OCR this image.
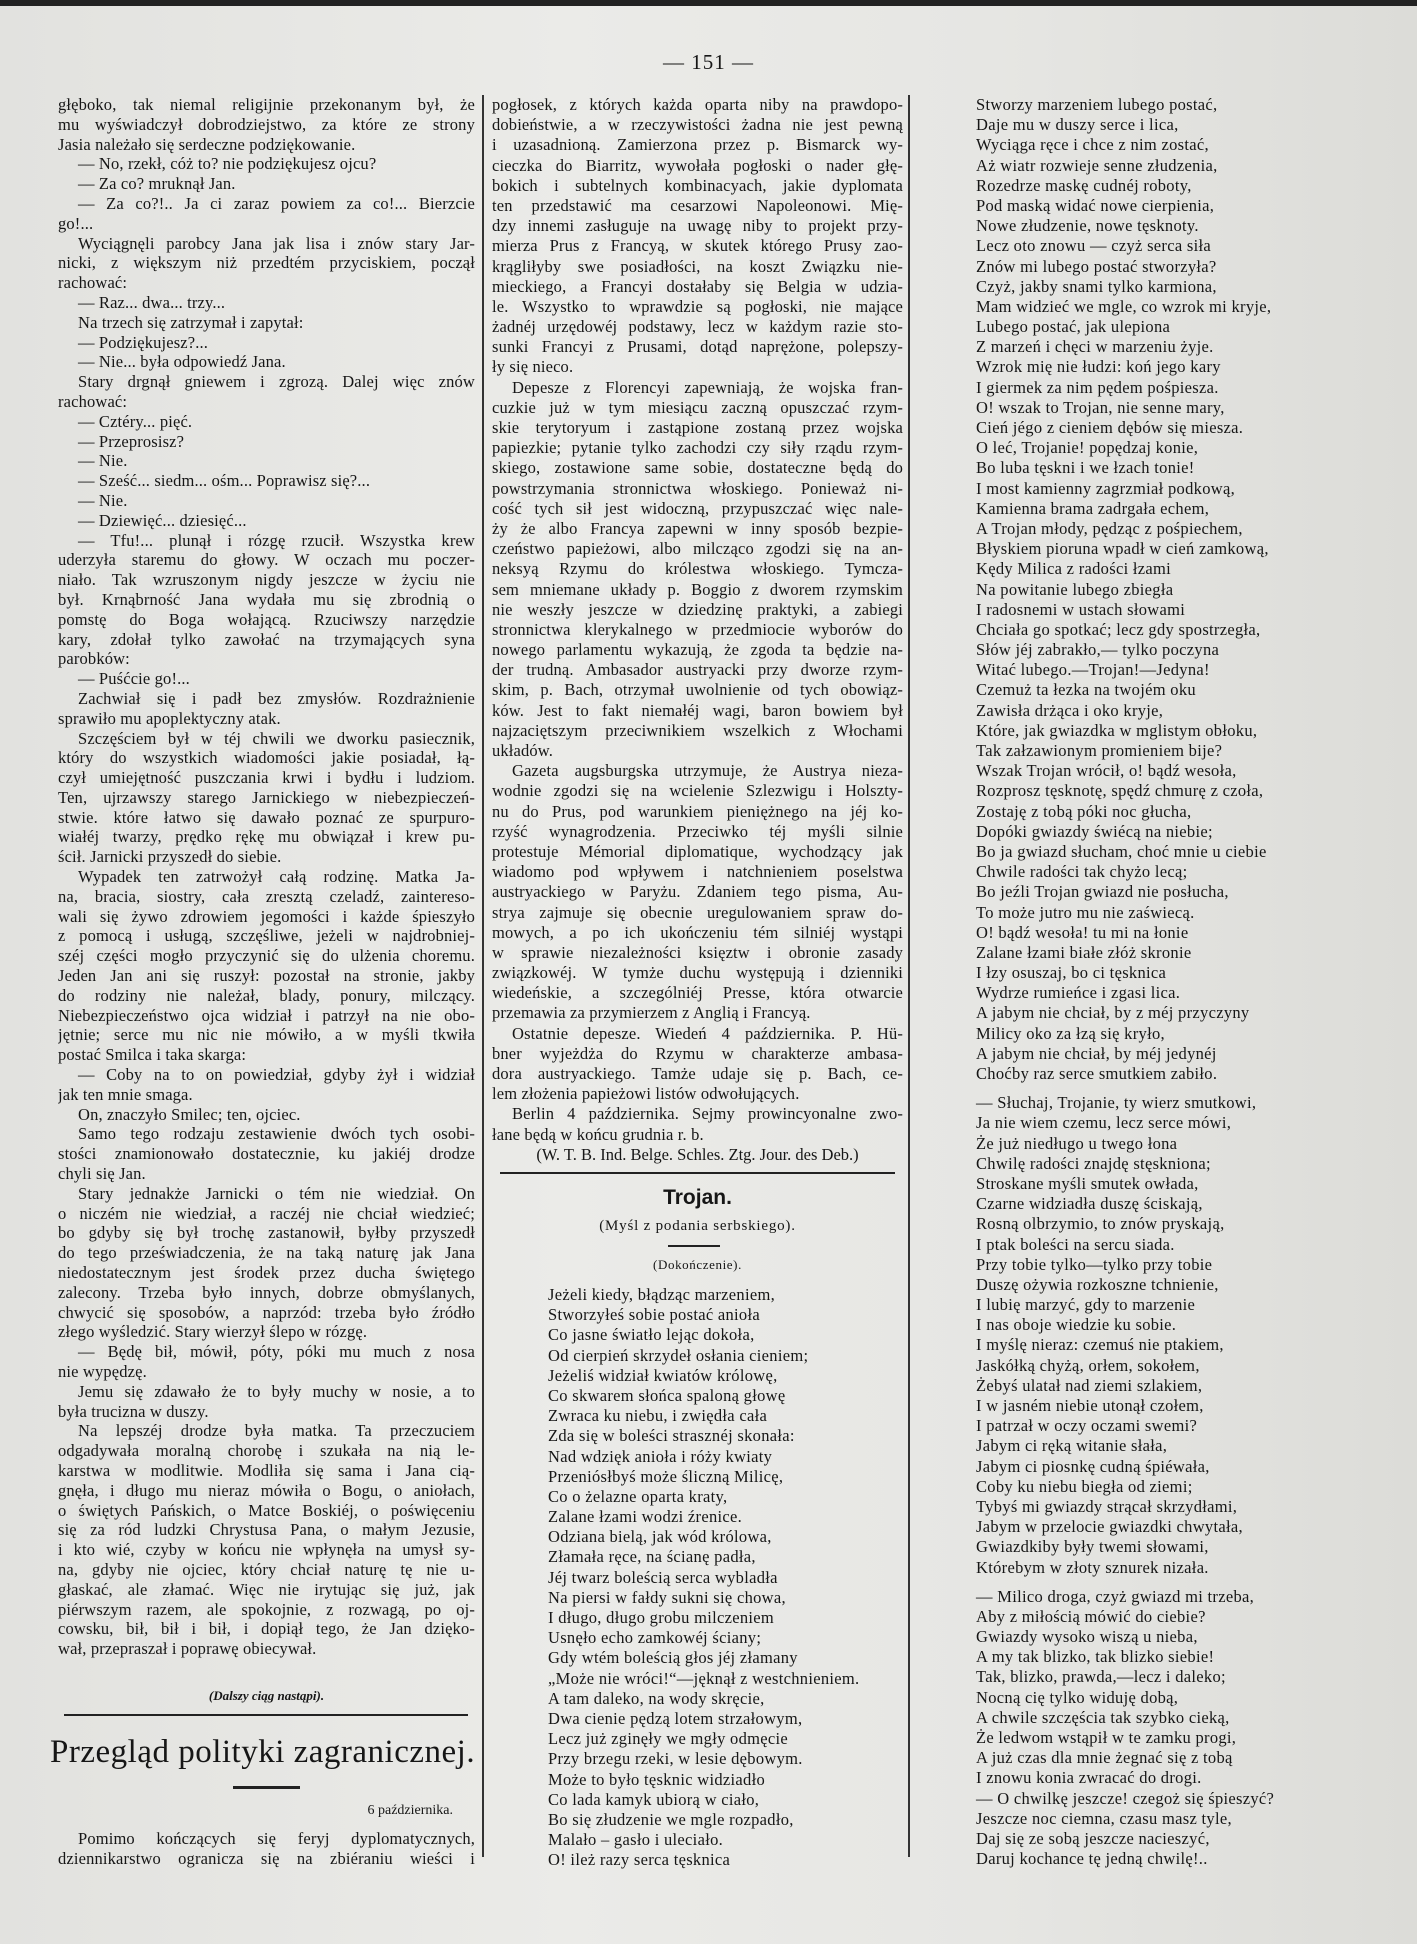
— 151 —
głęboko, tak niemal religijnie przekonanym był, że
mu wyświadczył dobrodziejstwo, za które ze strony
Jasia należało się serdeczne podziękowanie.
— No, rzekł, cóż to? nie podziękujesz ojcu?
— Za co? mruknął Jan.
— Za co?!.. Ja ci zaraz powiem za co!... Bierzcie
go!...
Wyciągnęli parobcy Jana jak lisa i znów stary Jar-
nicki, z większym niż przedtém przyciskiem, począł
rachować:
— Raz... dwa... trzy...
Na trzech się zatrzymał i zapytał:
— Podziękujesz?...
— Nie... była odpowiedź Jana.
Stary drgnął gniewem i zgrozą. Dalej więc znów
rachować:
— Cztéry... pięć.
— Przeprosisz?
— Nie.
— Sześć... siedm... ośm... Poprawisz się?...
— Nie.
— Dziewięć... dziesięć...
— Tfu!... plunął i rózgę rzucił. Wszystka krew
uderzyła staremu do głowy. W oczach mu poczer-
niało. Tak wzruszonym nigdy jeszcze w życiu nie
był. Krnąbrność Jana wydała mu się zbrodnią o
pomstę do Boga wołającą. Rzuciwszy narzędzie
kary, zdołał tylko zawołać na trzymających syna
parobków:
— Puśćcie go!...
Zachwiał się i padł bez zmysłów. Rozdrażnienie
sprawiło mu apoplektyczny atak.
Szczęściem był w téj chwili we dworku pasiecznik,
który do wszystkich wiadomości jakie posiadał, łą-
czył umiejętność puszczania krwi i bydłu i ludziom.
Ten, ujrzawszy starego Jarnickiego w niebezpieczeń-
stwie. które łatwo się dawało poznać ze spurpuro-
wiałéj twarzy, prędko rękę mu obwiązał i krew pu-
ścił. Jarnicki przyszedł do siebie.
Wypadek ten zatrwożył całą rodzinę. Matka Ja-
na, bracia, siostry, cała zresztą czeladź, zaintereso-
wali się żywo zdrowiem jegomości i każde śpieszyło
z pomocą i usługą, szczęśliwe, jeżeli w najdrobniej-
széj części mogło przyczynić się do ulżenia choremu.
Jeden Jan ani się ruszył: pozostał na stronie, jakby
do rodziny nie należał, blady, ponury, milczący.
Niebezpieczeństwo ojca widział i patrzył na nie obo-
jętnie; serce mu nic nie mówiło, a w myśli tkwiła
postać Smilca i taka skarga:
— Coby na to on powiedział, gdyby żył i widział
jak ten mnie smaga.
On, znaczyło Smilec; ten, ojciec.
Samo tego rodzaju zestawienie dwóch tych osobi-
stości znamionowało dostatecznie, ku jakiéj drodze
chyli się Jan.
Stary jednakże Jarnicki o tém nie wiedział. On
o niczém nie wiedział, a raczéj nie chciał wiedzieć;
bo gdyby się był trochę zastanowił, byłby przyszedł
do tego przeświadczenia, że na taką naturę jak Jana
niedostatecznym jest środek przez ducha świętego
zalecony. Trzeba było innych, dobrze obmyślanych,
chwycić się sposobów, a naprzód: trzeba było źródło
złego wyśledzić. Stary wierzył ślepo w rózgę.
— Będę bił, mówił, póty, póki mu much z nosa
nie wypędzę.
Jemu się zdawało że to były muchy w nosie, a to
była trucizna w duszy.
Na lepszéj drodze była matka. Ta przeczuciem
odgadywała moralną chorobę i szukała na nią le-
karstwa w modlitwie. Modliła się sama i Jana cią-
gnęła, i długo mu nieraz mówiła o Bogu, o aniołach,
o świętych Pańskich, o Matce Boskiéj, o poświęceniu
się za ród ludzki Chrystusa Pana, o małym Jezusie,
i kto wié, czyby w końcu nie wpłynęła na umysł sy-
na, gdyby nie ojciec, który chciał naturę tę nie u-
głaskać, ale złamać. Więc nie irytując się już, jak
piérwszym razem, ale spokojnie, z rozwagą, po oj-
cowsku, bił, bił i bił, i dopiął tego, że Jan dzięko-
wał, przepraszał i poprawę obiecywał.
(Dalszy ciąg nastąpi).
Przegląd polityki zagranicznej.
6 października.
Pomimo kończących się feryj dyplomatycznych,
dziennikarstwo ogranicza się na zbiéraniu wieści i
pogłosek, z których każda oparta niby na prawdopo-
dobieństwie, a w rzeczywistości żadna nie jest pewną
i uzasadnioną. Zamierzona przez p. Bismarck wy-
cieczka do Biarritz, wywołała pogłoski o nader głę-
bokich i subtelnych kombinacyach, jakie dyplomata
ten przedstawić ma cesarzowi Napoleonowi. Mię-
dzy innemi zasługuje na uwagę niby to projekt przy-
mierza Prus z Francyą, w skutek którego Prusy zao-
krągliłyby swe posiadłości, na koszt Związku nie-
mieckiego, a Francyi dostałaby się Belgia w udzia-
le. Wszystko to wprawdzie są pogłoski, nie mające
żadnéj urzędowéj podstawy, lecz w każdym razie sto-
sunki Francyi z Prusami, dotąd naprężone, polepszy-
ły się nieco.
Depesze z Florencyi zapewniają, że wojska fran-
cuzkie już w tym miesiącu zaczną opuszczać rzym-
skie terytoryum i zastąpione zostaną przez wojska
papiezkie; pytanie tylko zachodzi czy siły rządu rzym-
skiego, zostawione same sobie, dostateczne będą do
powstrzymania stronnictwa włoskiego. Ponieważ ni-
cość tych sił jest widoczną, przypuszczać więc nale-
ży że albo Francya zapewni w inny sposób bezpie-
czeństwo papieżowi, albo milcząco zgodzi się na an-
neksyą Rzymu do królestwa włoskiego. Tymcza-
sem mniemane układy p. Boggio z dworem rzymskim
nie weszły jeszcze w dziedzinę praktyki, a zabiegi
stronnictwa klerykalnego w przedmiocie wyborów do
nowego parlamentu wykazują, że zgoda ta będzie na-
der trudną. Ambasador austryacki przy dworze rzym-
skim, p. Bach, otrzymał uwolnienie od tych obowiąz-
ków. Jest to fakt niemałéj wagi, baron bowiem był
najzaciętszym przeciwnikiem wszelkich z Włochami
układów.
Gazeta augsburgska utrzymuje, że Austrya nieza-
wodnie zgodzi się na wcielenie Szlezwigu i Holszty-
nu do Prus, pod warunkiem pieniężnego na jéj ko-
rzyść wynagrodzenia. Przeciwko téj myśli silnie
protestuje Mémorial diplomatique, wychodzący jak
wiadomo pod wpływem i natchnieniem poselstwa
austryackiego w Paryżu. Zdaniem tego pisma, Au-
strya zajmuje się obecnie uregulowaniem spraw do-
mowych, a po ich ukończeniu tém silniéj wystąpi
w sprawie niezależności księztw i obronie zasady
związkowéj. W tymże duchu występują i dzienniki
wiedeńskie, a szczególniéj Presse, która otwarcie
przemawia za przymierzem z Anglią i Francyą.
Ostatnie depesze. Wiedeń 4 października. P. Hü-
bner wyjeżdża do Rzymu w charakterze ambasa-
dora austryackiego. Tamże udaje się p. Bach, ce-
lem złożenia papieżowi listów odwołujących.
Berlin 4 października. Sejmy prowincyonalne zwo-
łane będą w końcu grudnia r. b.
(W. T. B. Ind. Belge. Schles. Ztg. Jour. des Deb.)
Trojan.
(Myśl z podania serbskiego).
(Dokończenie).
Jeżeli kiedy, błądząc marzeniem,
Stworzyłeś sobie postać anioła
Co jasne światło lejąc dokoła,
Od cierpień skrzydeł osłania cieniem;
Jeżeliś widział kwiatów królowę,
Co skwarem słońca spaloną głowę
Zwraca ku niebu, i zwiędła cała
Zda się w boleści strasznéj skonała:
Nad wdzięk anioła i róży kwiaty
Przeniósłbyś może śliczną Milicę,
Co o żelazne oparta kraty,
Zalane łzami wodzi źrenice.
Odziana bielą, jak wód królowa,
Złamała ręce, na ścianę padła,
Jéj twarz boleścią serca wybladła
Na piersi w fałdy sukni się chowa,
I długo, długo grobu milczeniem
Usnęło echo zamkowéj ściany;
Gdy wtém boleścią głos jéj złamany
„Może nie wróci!“—jęknął z westchnieniem.
A tam daleko, na wody skręcie,
Dwa cienie pędzą lotem strzałowym,
Lecz już zginęły we mgły odmęcie
Przy brzegu rzeki, w lesie dębowym.
Może to było tęsknic widziadło
Co lada kamyk ubiorą w ciało,
Bo się złudzenie we mgle rozpadło,
Malało – gasło i uleciało.
O! ileż razy serca tęsknica
Stworzy marzeniem lubego postać,
Daje mu w duszy serce i lica,
Wyciąga ręce i chce z nim zostać,
Aż wiatr rozwieje senne złudzenia,
Rozedrze maskę cudnéj roboty,
Pod maską widać nowe cierpienia,
Nowe złudzenie, nowe tęsknoty.
Lecz oto znowu — czyż serca siła
Znów mi lubego postać stworzyła?
Czyż, jakby snami tylko karmiona,
Mam widzieć we mgle, co wzrok mi kryje,
Lubego postać, jak ulepiona
Z marzeń i chęci w marzeniu żyje.
Wzrok mię nie łudzi: koń jego kary
I giermek za nim pędem pośpiesza.
O! wszak to Trojan, nie senne mary,
Cień jégo z cieniem dębów się miesza.
O leć, Trojanie! popędzaj konie,
Bo luba tęskni i we łzach tonie!
I most kamienny zagrzmiał podkową,
Kamienna brama zadrgała echem,
A Trojan młody, pędząc z pośpiechem,
Błyskiem pioruna wpadł w cień zamkową,
Kędy Milica z radości łzami
Na powitanie lubego zbiegła
I radosnemi w ustach słowami
Chciała go spotkać; lecz gdy spostrzegła,
Słów jéj zabrakło,— tylko poczyna
Witać lubego.—Trojan!—Jedyna!
Czemuż ta łezka na twojém oku
Zawisła drżąca i oko kryje,
Które, jak gwiazdka w mglistym obłoku,
Tak załzawionym promieniem bije?
Wszak Trojan wrócił, o! bądź wesoła,
Rozprosz tęsknotę, spędź chmurę z czoła,
Zostaję z tobą póki noc głucha,
Dopóki gwiazdy świécą na niebie;
Bo ja gwiazd słucham, choć mnie u ciebie
Chwile radości tak chyżo lecą;
Bo jeźli Trojan gwiazd nie posłucha,
To może jutro mu nie zaświecą.
O! bądź wesoła! tu mi na łonie
Zalane łzami białe złóż skronie
I łzy osuszaj, bo ci tęsknica
Wydrze rumieńce i zgasi lica.
A jabym nie chciał, by z méj przyczyny
Milicy oko za łzą się kryło,
A jabym nie chciał, by méj jedynéj
Choćby raz serce smutkiem zabiło.
— Słuchaj, Trojanie, ty wierz smutkowi,
Ja nie wiem czemu, lecz serce mówi,
Że już niedługo u twego łona
Chwilę radości znajdę stęskniona;
Stroskane myśli smutek owłada,
Czarne widziadła duszę ściskają,
Rosną olbrzymio, to znów pryskają,
I ptak boleści na sercu siada.
Przy tobie tylko—tylko przy tobie
Duszę ożywia rozkoszne tchnienie,
I lubię marzyć, gdy to marzenie
I nas oboje wiedzie ku sobie.
I myślę nieraz: czemuś nie ptakiem,
Jaskółką chyżą, orłem, sokołem,
Żebyś ulatał nad ziemi szlakiem,
I w jasném niebie utonął czołem,
I patrzał w oczy oczami swemi?
Jabym ci ręką witanie słała,
Jabym ci piosnkę cudną śpiéwała,
Coby ku niebu biegła od ziemi;
Tybyś mi gwiazdy strącał skrzydłami,
Jabym w przelocie gwiazdki chwytała,
Gwiazdkiby były twemi słowami,
Którebym w złoty sznurek nizała.
— Milico droga, czyż gwiazd mi trzeba,
Aby z miłością mówić do ciebie?
Gwiazdy wysoko wiszą u nieba,
A my tak blizko, tak blizko siebie!
Tak, blizko, prawda,—lecz i daleko;
Nocną cię tylko widuję dobą,
A chwile szczęścia tak szybko cieką,
Że ledwom wstąpił w te zamku progi,
A już czas dla mnie żegnać się z tobą
I znowu konia zwracać do drogi.
— O chwilkę jeszcze! czegoż się śpieszyć?
Jeszcze noc ciemna, czasu masz tyle,
Daj się ze sobą jeszcze nacieszyć,
Daruj kochance tę jedną chwilę!..
